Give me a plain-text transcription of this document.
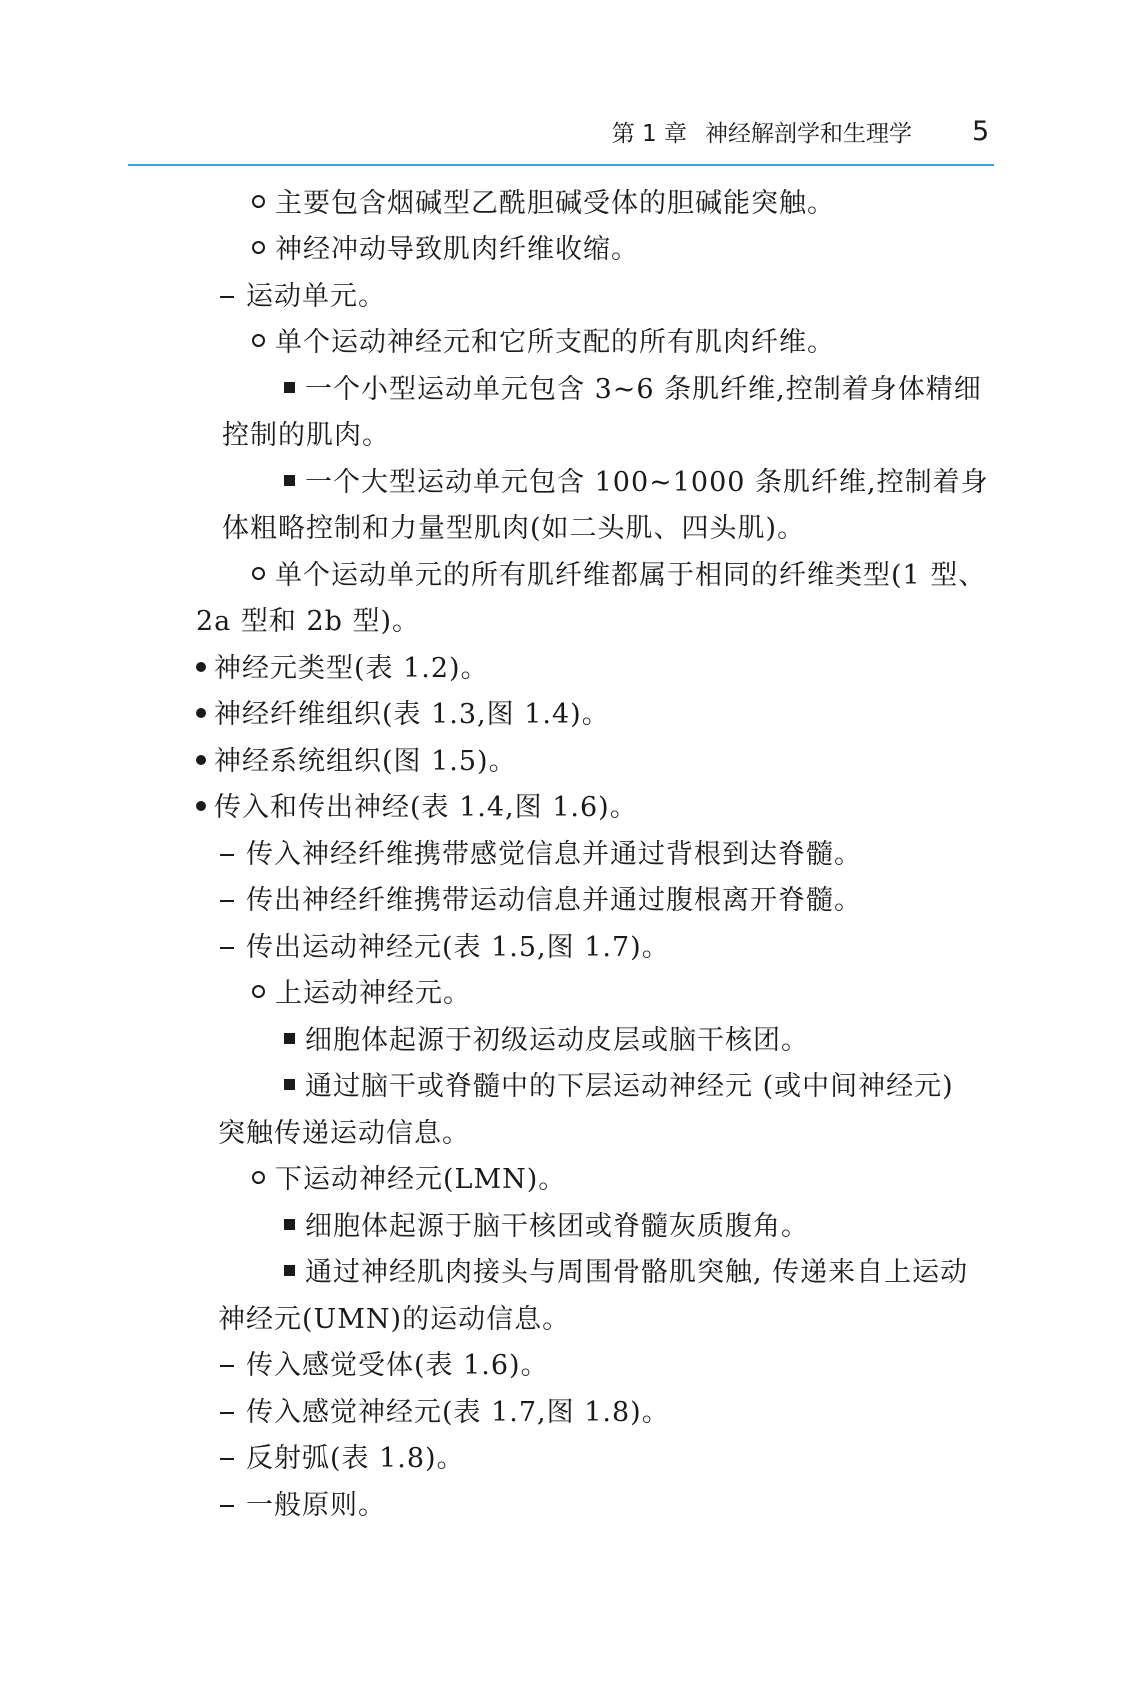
第 1 章 神经解剖学和生理学	5
主要包含烟碱型乙酰胆碱受体的胆碱能突触。
神经冲动导致肌肉纤维收缩。
运动单元。
单个运动神经元和它所支配的所有肌肉纤维。
一个小型运动单元包含 3~6 条肌纤维,控制着身体精细
控制的肌肉。
一个大型运动单元包含 100~1000 条肌纤维,控制着身
体粗略控制和力量型肌肉(如二头肌、四头肌)。
单个运动单元的所有肌纤维都属于相同的纤维类型(1 型、
2a 型和 2b 型)。
神经元类型(表 1.2)。
神经纤维组织(表 1.3,图 1.4)。
神经系统组织(图 1.5)。
传入和传出神经(表 1.4,图 1.6)。
传入神经纤维携带感觉信息并通过背根到达脊髓。
传出神经纤维携带运动信息并通过腹根离开脊髓。
传出运动神经元(表 1.5,图 1.7)。
上运动神经元。
细胞体起源于初级运动皮层或脑干核团。
通过脑干或脊髓中的下层运动神经元 (或中间神经元)
突触传递运动信息。
下运动神经元(LMN)。
细胞体起源于脑干核团或脊髓灰质腹角。
通过神经肌肉接头与周围骨骼肌突触, 传递来自上运动
神经元(UMN)的运动信息。
传入感觉受体(表 1.6)。
传入感觉神经元(表 1.7,图 1.8)。
反射弧(表 1.8)。
一般原则。
